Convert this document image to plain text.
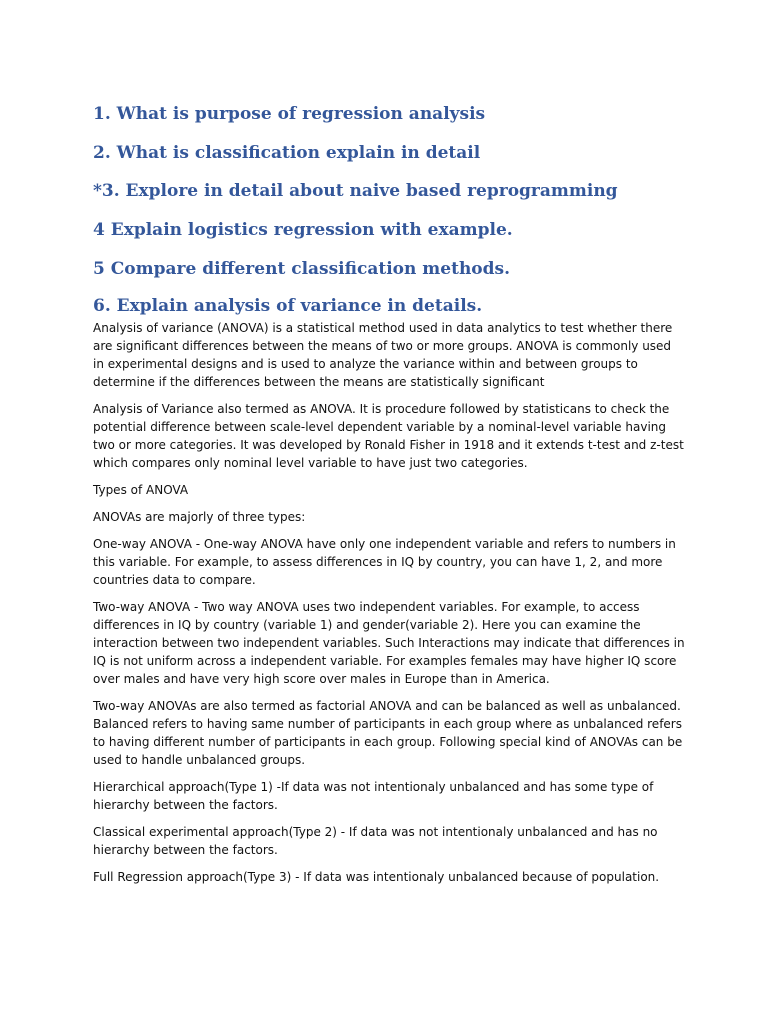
1. What is purpose of regression analysis
2. What is classification explain in detail
*3. Explore in detail about naive based reprogramming
4 Explain logistics regression with example.
5 Compare different classification methods.
6. Explain analysis of variance in details.

Analysis of variance (ANOVA) is a statistical method used in data analytics to test whether there are significant differences between the means of two or more groups. ANOVA is commonly used in experimental designs and is used to analyze the variance within and between groups to determine if the differences between the means are statistically significant

Analysis of Variance also termed as ANOVA. It is procedure followed by statisticans to check the potential difference between scale-level dependent variable by a nominal-level variable having two or more categories. It was developed by Ronald Fisher in 1918 and it extends t-test and z-test which compares only nominal level variable to have just two categories.

Types of ANOVA

ANOVAs are majorly of three types:

One-way ANOVA - One-way ANOVA have only one independent variable and refers to numbers in this variable. For example, to assess differences in IQ by country, you can have 1, 2, and more countries data to compare.

Two-way ANOVA - Two way ANOVA uses two independent variables. For example, to access differences in IQ by country (variable 1) and gender(variable 2). Here you can examine the interaction between two independent variables. Such Interactions may indicate that differences in IQ is not uniform across a independent variable. For examples females may have higher IQ score over males and have very high score over males in Europe than in America.

Two-way ANOVAs are also termed as factorial ANOVA and can be balanced as well as unbalanced. Balanced refers to having same number of participants in each group where as unbalanced refers to having different number of participants in each group. Following special kind of ANOVAs can be used to handle unbalanced groups.

Hierarchical approach(Type 1) -If data was not intentionaly unbalanced and has some type of hierarchy between the factors.

Classical experimental approach(Type 2) - If data was not intentionaly unbalanced and has no hierarchy between the factors.

Full Regression approach(Type 3) - If data was intentionaly unbalanced because of population.
